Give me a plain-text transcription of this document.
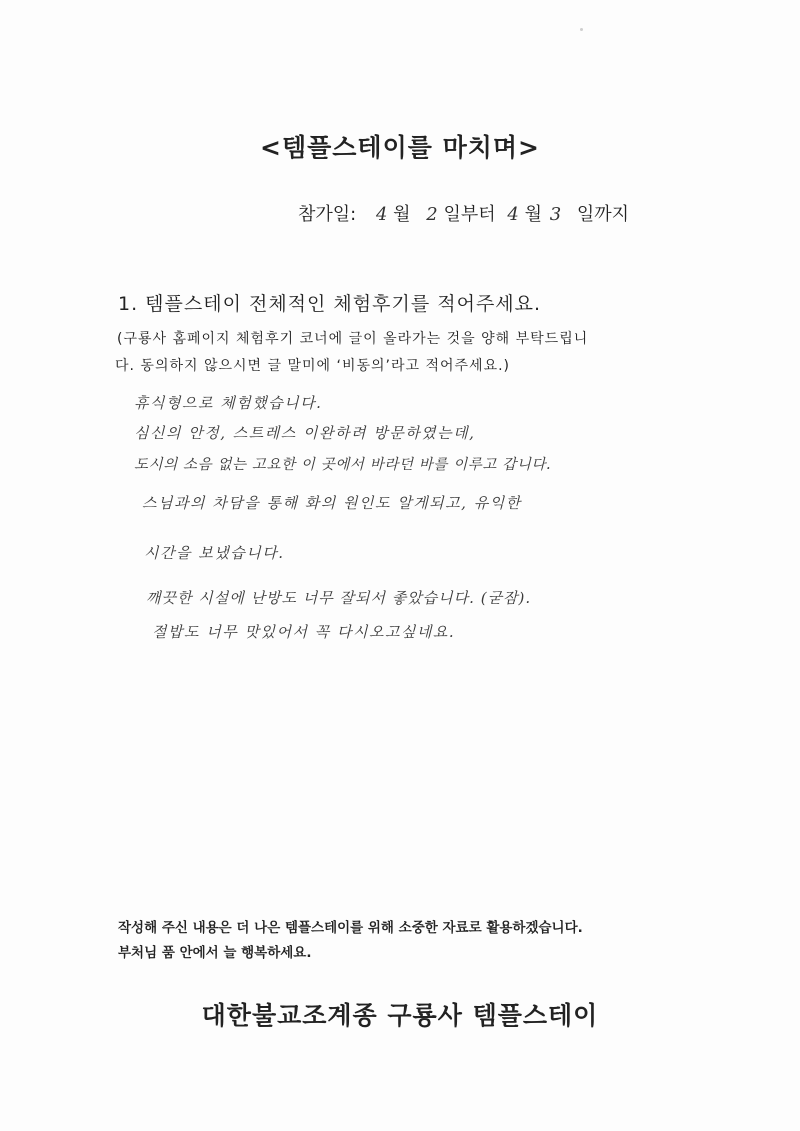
<템플스테이를 마치며>
참가일: 4 월 2 일부터 4 월 3 일까지
1. 템플스테이 전체적인 체험후기를 적어주세요.
(구룡사 홈페이지 체험후기 코너에 글이 올라가는 것을 양해 부탁드립니
다. 동의하지 않으시면 글 말미에 ‘비동의’라고 적어주세요.)
휴식형으로 체험했습니다.
심신의 안정, 스트레스 이완하려 방문하였는데,
도시의 소음 없는 고요한 이 곳에서 바라던 바를 이루고 갑니다.
스님과의 차담을 통해 화의 원인도 알게되고, 유익한
시간을 보냈습니다.
깨끗한 시설에 난방도 너무 잘되서 좋았습니다. (굳잠).
절밥도 너무 맛있어서 꼭 다시오고싶네요.
작성해 주신 내용은 더 나은 템플스테이를 위해 소중한 자료로 활용하겠습니다.
부처님 품 안에서 늘 행복하세요.
대한불교조계종 구룡사 템플스테이
